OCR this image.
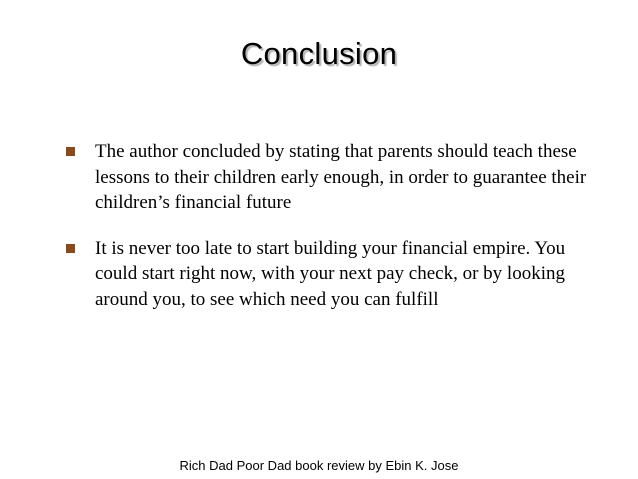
Conclusion
The author concluded by stating that parents should teach these lessons to their children early enough, in order to guarantee their children’s financial future
It is never too late to start building your financial empire. You could start right now, with your next pay check, or by looking around you, to see which need you can fulfill
Rich Dad Poor Dad book review by Ebin K. Jose
